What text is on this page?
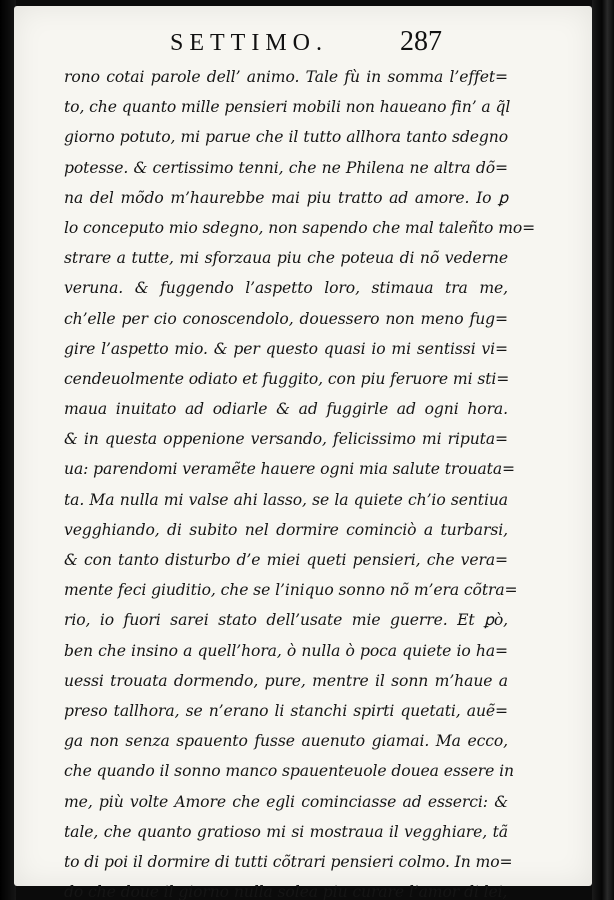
SETTIMO.	287
rono cotai parole dell’ animo. Tale fù in somma l’effet=
to, che quanto mille pensieri mobili non haueano fin’ a q̃l
giorno potuto, mi parue che il tutto allhora tanto sdegno
potesse. & certissimo tenni, che ne Philena ne altra dõ=
na del mõdo m’haurebbe mai piu tratto ad amore. Io ꝑ
lo conceputo mio sdegno, non sapendo che mal taleñto mo=
strare a tutte, mi sforzaua piu che poteua di nõ vederne
veruna. & fuggendo l’aspetto loro, stimaua tra me,
ch’elle per cio conoscendolo, douessero non meno fug=
gire l’aspetto mio. & per questo quasi io mi sentissi vi=
cendeuolmente odiato et fuggito, con piu feruore mi sti=
maua inuitato ad odiarle & ad fuggirle ad ogni hora.
& in questa oppenione versando, felicissimo mi riputa=
ua: parendomi veramẽte hauere ogni mia salute trouata=
ta. Ma nulla mi valse ahi lasso, se la quiete ch’io sentiua
vegghiando, di subito nel dormire cominciò a turbarsi,
& con tanto disturbo d’e miei queti pensieri, che vera=
mente feci giuditio, che se l’iniquo sonno nõ m’era cõtra=
rio, io fuori sarei stato dell’usate mie guerre. Et ꝑò,
ben che insino a quell’hora, ò nulla ò poca quiete io ha=
uessi trouata dormendo, pure, mentre il sonn m’haue a
preso tallhora, se n’erano li stanchi spirti quetati, auẽ=
ga non senza spauento fusse auenuto giamai. Ma ecco,
che quando il sonno manco spauenteuole douea essere in
me, più volte Amore che egli cominciasse ad esserci: &
tale, che quanto gratioso mi si mostraua il vegghiare, tã
to di poi il dormire di tutti cõtrari pensieri colmo. In mo=
do che doue il giorno nulla solea piu curare l’amor di lei,
